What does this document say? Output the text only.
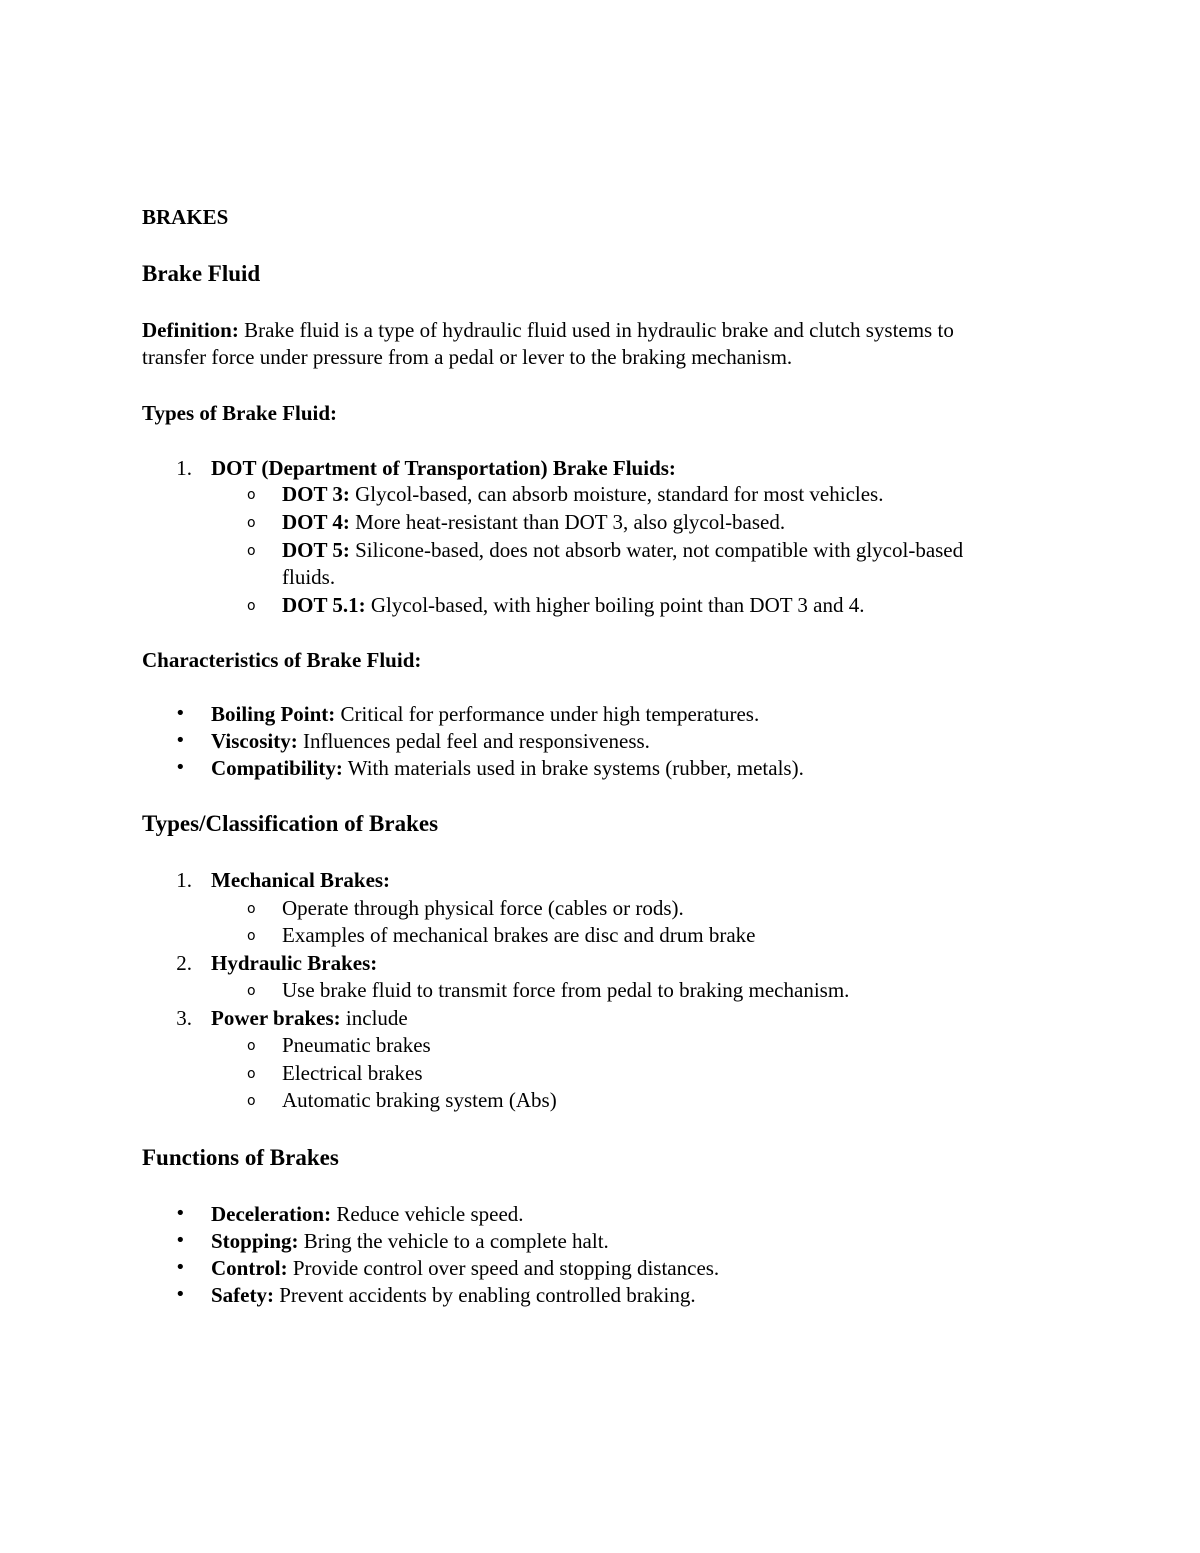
BRAKES
Brake Fluid
Definition: Brake fluid is a type of hydraulic fluid used in hydraulic brake and clutch systems to
transfer force under pressure from a pedal or lever to the braking mechanism.
Types of Brake Fluid:
1. DOT (Department of Transportation) Brake Fluids:
o DOT 3: Glycol-based, can absorb moisture, standard for most vehicles.
o DOT 4: More heat-resistant than DOT 3, also glycol-based.
o DOT 5: Silicone-based, does not absorb water, not compatible with glycol-based
fluids.
o DOT 5.1: Glycol-based, with higher boiling point than DOT 3 and 4.
Characteristics of Brake Fluid:
• Boiling Point: Critical for performance under high temperatures.
• Viscosity: Influences pedal feel and responsiveness.
• Compatibility: With materials used in brake systems (rubber, metals).
Types/Classification of Brakes
1. Mechanical Brakes:
o Operate through physical force (cables or rods).
o Examples of mechanical brakes are disc and drum brake
2. Hydraulic Brakes:
o Use brake fluid to transmit force from pedal to braking mechanism.
3. Power brakes: include
o Pneumatic brakes
o Electrical brakes
o Automatic braking system (Abs)
Functions of Brakes
• Deceleration: Reduce vehicle speed.
• Stopping: Bring the vehicle to a complete halt.
• Control: Provide control over speed and stopping distances.
• Safety: Prevent accidents by enabling controlled braking.
